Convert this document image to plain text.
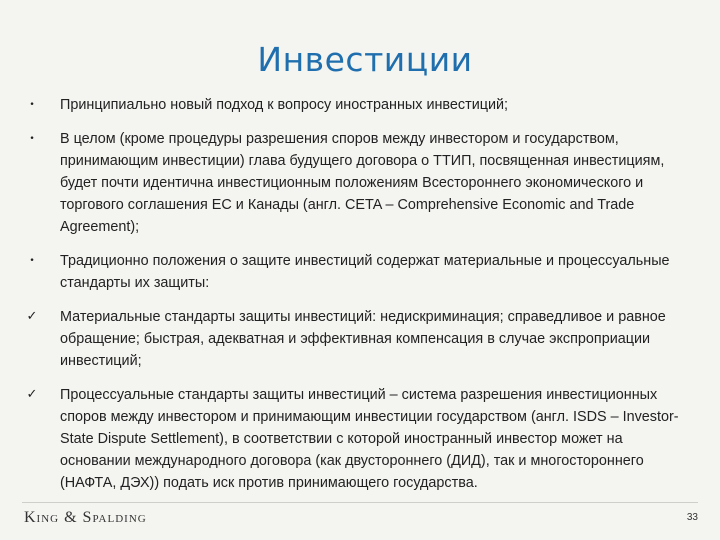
Инвестиции
• Принципиально новый подход к вопросу иностранных инвестиций;
• В целом (кроме процедуры разрешения споров между инвестором и государством, принимающим инвестиции) глава будущего договора о ТТИП, посвященная инвестициям, будет почти идентична инвестиционным положениям Всестороннего экономического и торгового соглашения ЕС и Канады (англ. CETA – Comprehensive Economic and Trade Agreement);
• Традиционно положения о защите инвестиций содержат материальные и процессуальные стандарты их защиты:
✓ Материальные стандарты защиты инвестиций: недискриминация; справедливое и равное обращение; быстрая, адекватная и эффективная компенсация в случае экспроприации инвестиций;
✓ Процессуальные стандарты защиты инвестиций – система разрешения инвестиционных споров между инвестором и принимающим инвестиции государством (англ. ISDS – Investor-State Dispute Settlement), в соответствии с которой иностранный инвестор может на основании международного договора (как двустороннего (ДИД), так и многостороннего (НАФТА, ДЭХ)) подать иск против принимающего государства.
King & Spalding	33
